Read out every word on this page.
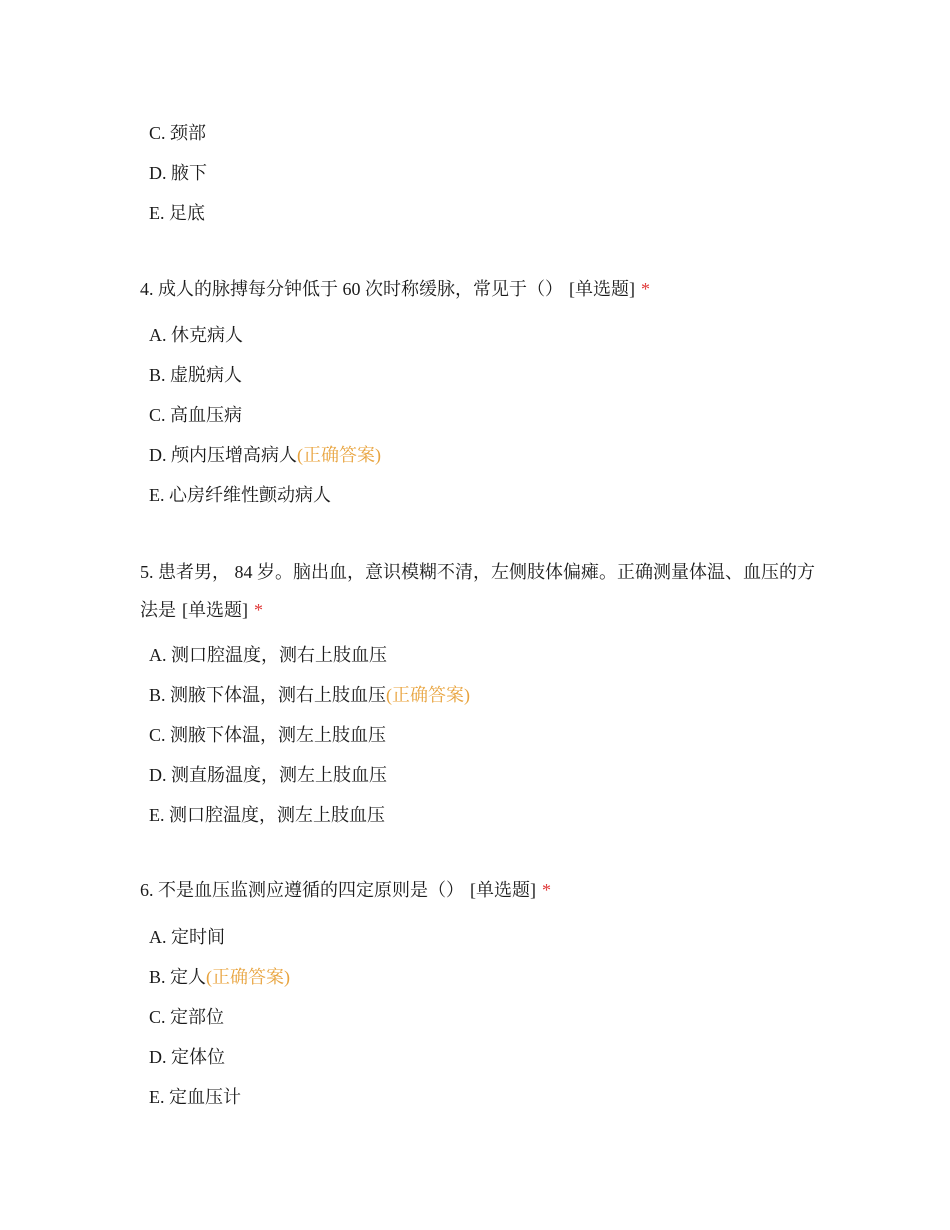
C. 颈部
D. 腋下
E. 足底

4. 成人的脉搏每分钟低于 60 次时称缓脉，常见于（） [单选题] *

A. 休克病人
B. 虚脱病人
C. 高血压病
D. 颅内压增高病人(正确答案)
E. 心房纤维性颤动病人

5. 患者男， 84 岁。脑出血，意识模糊不清，左侧肢体偏瘫。正确测量体温、血压的方法是 [单选题] *

A. 测口腔温度，测右上肢血压
B. 测腋下体温，测右上肢血压(正确答案)
C. 测腋下体温，测左上肢血压
D. 测直肠温度，测左上肢血压
E. 测口腔温度，测左上肢血压

6. 不是血压监测应遵循的四定原则是（） [单选题] *

A. 定时间
B. 定人(正确答案)
C. 定部位
D. 定体位
E. 定血压计
